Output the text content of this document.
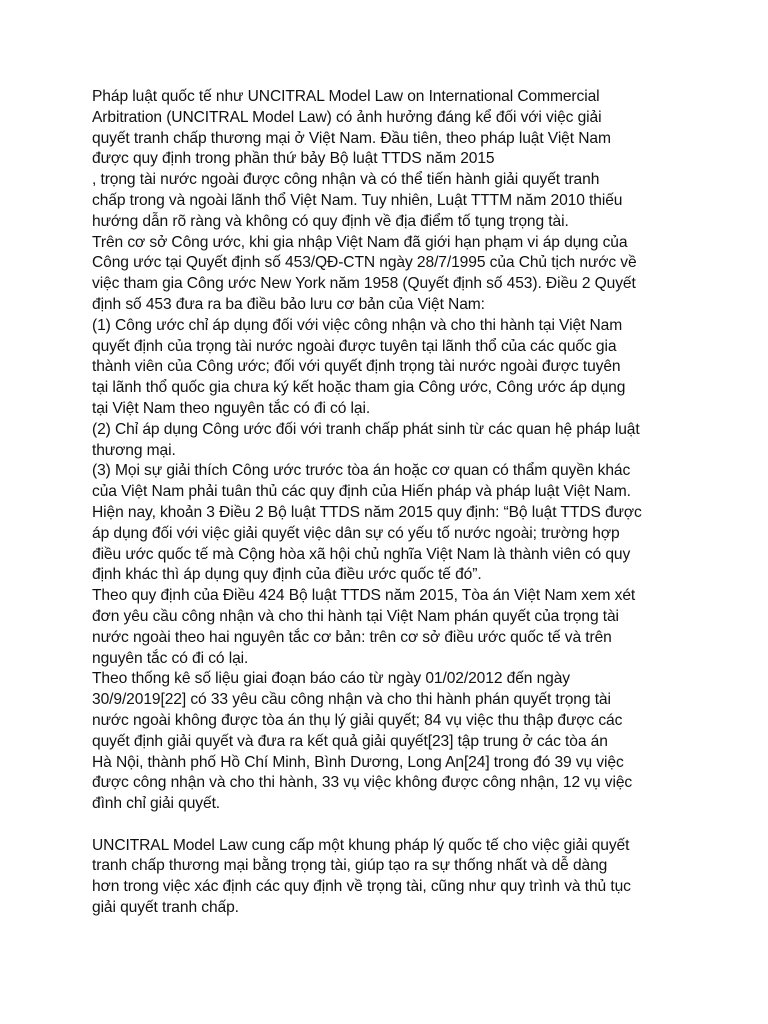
Pháp luật quốc tế như UNCITRAL Model Law on International Commercial
Arbitration (UNCITRAL Model Law) có ảnh hưởng đáng kể đối với việc giải
quyết tranh chấp thương mại ở Việt Nam. Đầu tiên, theo pháp luật Việt Nam
được quy định trong phần thứ bảy Bộ luật TTDS năm 2015
, trọng tài nước ngoài được công nhận và có thể tiến hành giải quyết tranh
chấp trong và ngoài lãnh thổ Việt Nam. Tuy nhiên, Luật TTTM năm 2010 thiếu
hướng dẫn rõ ràng và không có quy định về địa điểm tố tụng trọng tài.
Trên cơ sở Công ước, khi gia nhập Việt Nam đã giới hạn phạm vi áp dụng của
Công ước tại Quyết định số 453/QĐ-CTN ngày 28/7/1995 của Chủ tịch nước về
việc tham gia Công ước New York năm 1958 (Quyết định số 453). Điều 2 Quyết
định số 453 đưa ra ba điều bảo lưu cơ bản của Việt Nam:
(1) Công ước chỉ áp dụng đối với việc công nhận và cho thi hành tại Việt Nam
quyết định của trọng tài nước ngoài được tuyên tại lãnh thổ của các quốc gia
thành viên của Công ước; đối với quyết định trọng tài nước ngoài được tuyên
tại lãnh thổ quốc gia chưa ký kết hoặc tham gia Công ước, Công ước áp dụng
tại Việt Nam theo nguyên tắc có đi có lại.
(2) Chỉ áp dụng Công ước đối với tranh chấp phát sinh từ các quan hệ pháp luật
thương mại.
(3) Mọi sự giải thích Công ước trước tòa án hoặc cơ quan có thẩm quyền khác
của Việt Nam phải tuân thủ các quy định của Hiến pháp và pháp luật Việt Nam.
Hiện nay, khoản 3 Điều 2 Bộ luật TTDS năm 2015 quy định: “Bộ luật TTDS được
áp dụng đối với việc giải quyết việc dân sự có yếu tố nước ngoài; trường hợp
điều ước quốc tế mà Cộng hòa xã hội chủ nghĩa Việt Nam là thành viên có quy
định khác thì áp dụng quy định của điều ước quốc tế đó”.
Theo quy định của Điều 424 Bộ luật TTDS năm 2015, Tòa án Việt Nam xem xét
đơn yêu cầu công nhận và cho thi hành tại Việt Nam phán quyết của trọng tài
nước ngoài theo hai nguyên tắc cơ bản: trên cơ sở điều ước quốc tế và trên
nguyên tắc có đi có lại.
Theo thống kê số liệu giai đoạn báo cáo từ ngày 01/02/2012 đến ngày
30/9/2019[22] có 33 yêu cầu công nhận và cho thi hành phán quyết trọng tài
nước ngoài không được tòa án thụ lý giải quyết; 84 vụ việc thu thập được các
quyết định giải quyết và đưa ra kết quả giải quyết[23] tập trung ở các tòa án
Hà Nội, thành phố Hồ Chí Minh, Bình Dương, Long An[24] trong đó 39 vụ việc
được công nhận và cho thi hành, 33 vụ việc không được công nhận, 12 vụ việc
đình chỉ giải quyết.
UNCITRAL Model Law cung cấp một khung pháp lý quốc tế cho việc giải quyết
tranh chấp thương mại bằng trọng tài, giúp tạo ra sự thống nhất và dễ dàng
hơn trong việc xác định các quy định về trọng tài, cũng như quy trình và thủ tục
giải quyết tranh chấp.
